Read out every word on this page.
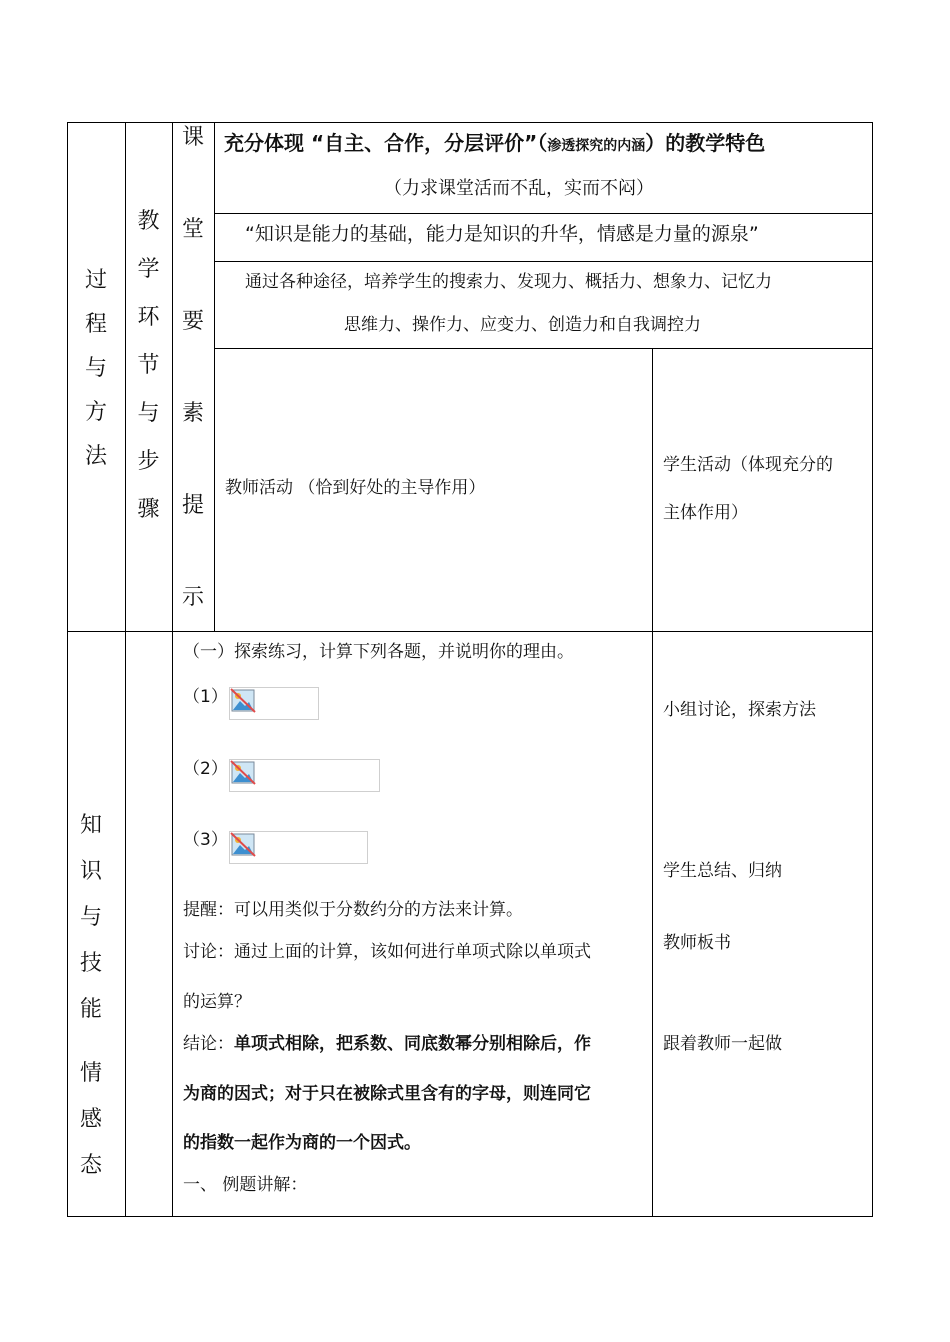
过
程
与
方
法
教
学
环
节
与
步
骤
课
堂
要
素
提
示
充分体现 “自主、合作，分层评价”（渗透探究的内涵）的教学特色
（力求课堂活而不乱，实而不闷）
“知识是能力的基础，能力是知识的升华，情感是力量的源泉”
通过各种途径，培养学生的搜索力、发现力、概括力、想象力、记忆力
思维力、操作力、应变力、创造力和自我调控力
教师活动 （恰到好处的主导作用）
学生活动（体现充分的
主体作用）
知
识
与
技
能
情
感
态
（一）探索练习，计算下列各题，并说明你的理由。
（1）
（2）
（3）
提醒：可以用类似于分数约分的方法来计算。
讨论：通过上面的计算，该如何进行单项式除以单项式
的运算？
结论：单项式相除，把系数、同底数幂分别相除后，作
为商的因式；对于只在被除式里含有的字母，则连同它
的指数一起作为商的一个因式。
一、 例题讲解：
小组讨论，探索方法
学生总结、归纳
教师板书
跟着教师一起做
